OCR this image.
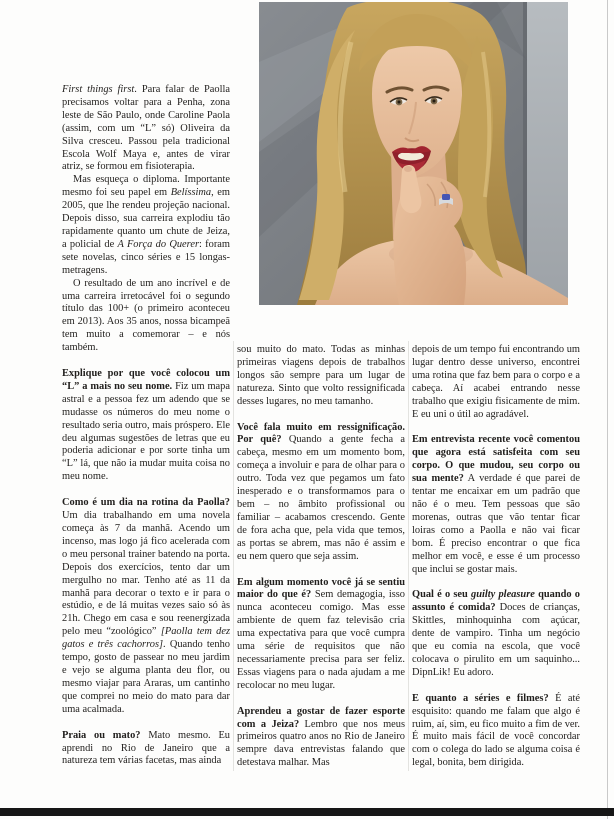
First things first. Para falar de Paolla precisamos voltar para a Penha, zona leste de São Paulo, onde Caroline Paola (assim, com um “L” só) Oliveira da Silva cresceu. Passou pela tradicional Escola Wolf Maya e, antes de virar atriz, se formou em fisioterapia.

Mas esqueça o diploma. Importante mesmo foi seu papel em Belíssima, em 2005, que lhe rendeu projeção nacional. Depois disso, sua carreira explodiu tão rapidamente quanto um chute de Jeiza, a policial de A Força do Querer: foram sete novelas, cinco séries e 15 longas-metragens.

O resultado de um ano incrível e de uma carreira irretocável foi o segundo título das 100+ (o primeiro aconteceu em 2013). Aos 35 anos, nossa bicampeã tem muito a comemorar – e nós também.

Explique por que você colocou um “L” a mais no seu nome. Fiz um mapa astral e a pessoa fez um adendo que se mudasse os números do meu nome o resultado seria outro, mais próspero. Ele deu algumas sugestões de letras que eu poderia adicionar e por sorte tinha um “L” lá, que não ia mudar muita coisa no meu nome.

Como é um dia na rotina da Paolla? Um dia trabalhando em uma novela começa às 7 da manhã. Acendo um incenso, mas logo já fico acelerada com o meu personal trainer batendo na porta. Depois dos exercícios, tento dar um mergulho no mar. Tenho até as 11 da manhã para decorar o texto e ir para o estúdio, e de lá muitas vezes saio só às 21h. Chego em casa e sou reenergizada pelo meu “zoológico” [Paolla tem dez gatos e três cachorros]. Quando tenho tempo, gosto de passear no meu jardim e vejo se alguma planta deu flor, ou mesmo viajar para Araras, um cantinho que comprei no meio do mato para dar uma acalmada.

Praia ou mato? Mato mesmo. Eu aprendi no Rio de Janeiro que a natureza tem várias facetas, mas ainda

sou muito do mato. Todas as minhas primeiras viagens depois de trabalhos longos são sempre para um lugar de natureza. Sinto que volto ressignificada desses lugares, no meu tamanho.

Você fala muito em ressignificação. Por quê? Quando a gente fecha a cabeça, mesmo em um momento bom, começa a involuir e para de olhar para o outro. Toda vez que pegamos um fato inesperado e o transformamos para o bem – no âmbito profissional ou familiar – acabamos crescendo. Gente de fora acha que, pela vida que temos, as portas se abrem, mas não é assim e eu nem quero que seja assim.

Em algum momento você já se sentiu maior do que é? Sem demagogia, isso nunca aconteceu comigo. Mas esse ambiente de quem faz televisão cria uma expectativa para que você cumpra uma série de requisitos que não necessariamente precisa para ser feliz. Essas viagens para o nada ajudam a me recolocar no meu lugar.

Aprendeu a gostar de fazer esporte com a Jeiza? Lembro que nos meus primeiros quatro anos no Rio de Janeiro sempre dava entrevistas falando que detestava malhar. Mas

depois de um tempo fui encontrando um lugar dentro desse universo, encontrei uma rotina que faz bem para o corpo e a cabeça. Aí acabei entrando nesse trabalho que exigiu fisicamente de mim. E eu uni o útil ao agradável.

Em entrevista recente você comentou que agora está satisfeita com seu corpo. O que mudou, seu corpo ou sua mente? A verdade é que parei de tentar me encaixar em um padrão que não é o meu. Tem pessoas que são morenas, outras que vão tentar ficar loiras como a Paolla e não vai ficar bom. É preciso encontrar o que fica melhor em você, e esse é um processo que inclui se gostar mais.

Qual é o seu guilty pleasure quando o assunto é comida? Doces de crianças, Skittles, minhoquinha com açúcar, dente de vampiro. Tinha um negócio que eu comia na escola, que você colocava o pirulito em um saquinho... DipnLik! Eu adoro.

E quanto a séries e filmes? É até esquisito: quando me falam que algo é ruim, aí, sim, eu fico muito a fim de ver. É muito mais fácil de você concordar com o colega do lado se alguma coisa é legal, bonita, bem dirigida.
